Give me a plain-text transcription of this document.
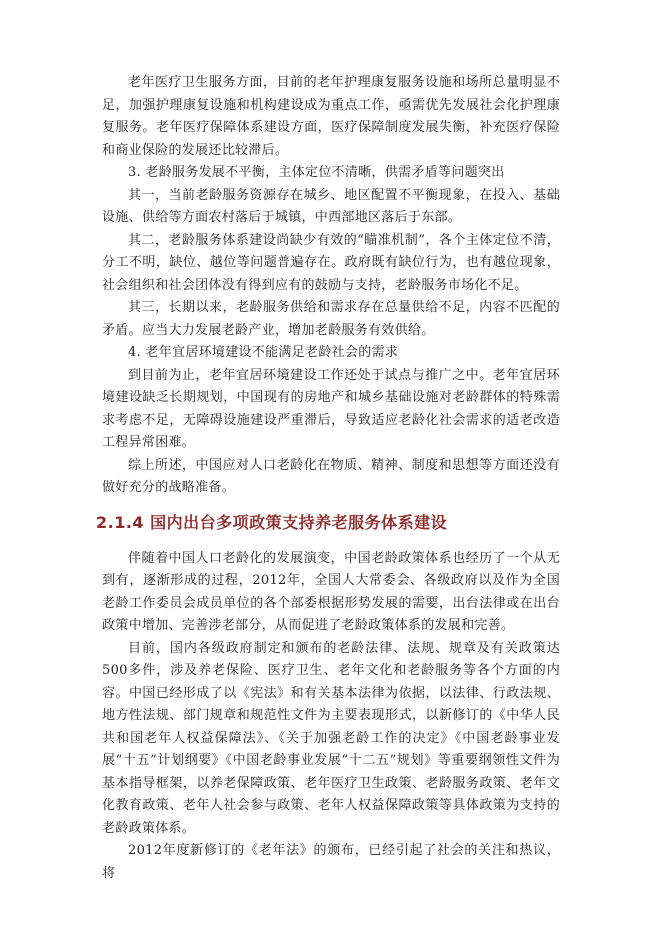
老年医疗卫生服务方面，目前的老年护理康复服务设施和场所总量明显不足，加强护理康复设施和机构建设成为重点工作，亟需优先发展社会化护理康复服务。老年医疗保障体系建设方面，医疗保障制度发展失衡，补充医疗保险和商业保险的发展还比较滞后。

3. 老龄服务发展不平衡，主体定位不清晰，供需矛盾等问题突出

其一，当前老龄服务资源存在城乡、地区配置不平衡现象，在投入、基础设施、供给等方面农村落后于城镇，中西部地区落后于东部。

其二，老龄服务体系建设尚缺少有效的“瞄准机制”，各个主体定位不清，分工不明，缺位、越位等问题普遍存在。政府既有缺位行为，也有越位现象，社会组织和社会团体没有得到应有的鼓励与支持，老龄服务市场化不足。

其三，长期以来，老龄服务供给和需求存在总量供给不足，内容不匹配的矛盾。应当大力发展老龄产业，增加老龄服务有效供给。

4. 老年宜居环境建设不能满足老龄社会的需求

到目前为止，老年宜居环境建设工作还处于试点与推广之中。老年宜居环境建设缺乏长期规划，中国现有的房地产和城乡基础设施对老龄群体的特殊需求考虑不足，无障碍设施建设严重滞后，导致适应老龄化社会需求的适老改造工程异常困难。

综上所述，中国应对人口老龄化在物质、精神、制度和思想等方面还没有做好充分的战略准备。

2.1.4 国内出台多项政策支持养老服务体系建设

伴随着中国人口老龄化的发展演变，中国老龄政策体系也经历了一个从无到有，逐渐形成的过程，2012年，全国人大常委会、各级政府以及作为全国老龄工作委员会成员单位的各个部委根据形势发展的需要，出台法律或在出台政策中增加、完善涉老部分，从而促进了老龄政策体系的发展和完善。

目前，国内各级政府制定和颁布的老龄法律、法规、规章及有关政策达500多件，涉及养老保险、医疗卫生、老年文化和老龄服务等各个方面的内容。中国已经形成了以《宪法》和有关基本法律为依据，以法律、行政法规、地方性法规、部门规章和规范性文件为主要表现形式，以新修订的《中华人民共和国老年人权益保障法》、《关于加强老龄工作的决定》《中国老龄事业发展“十五”计划纲要》《中国老龄事业发展“十二五”规划》等重要纲领性文件为基本指导框架，以养老保障政策、老年医疗卫生政策、老龄服务政策、老年文化教育政策、老年人社会参与政策、老年人权益保障政策等具体政策为支持的老龄政策体系。

2012年度新修订的《老年法》的颁布，已经引起了社会的关注和热议，将
